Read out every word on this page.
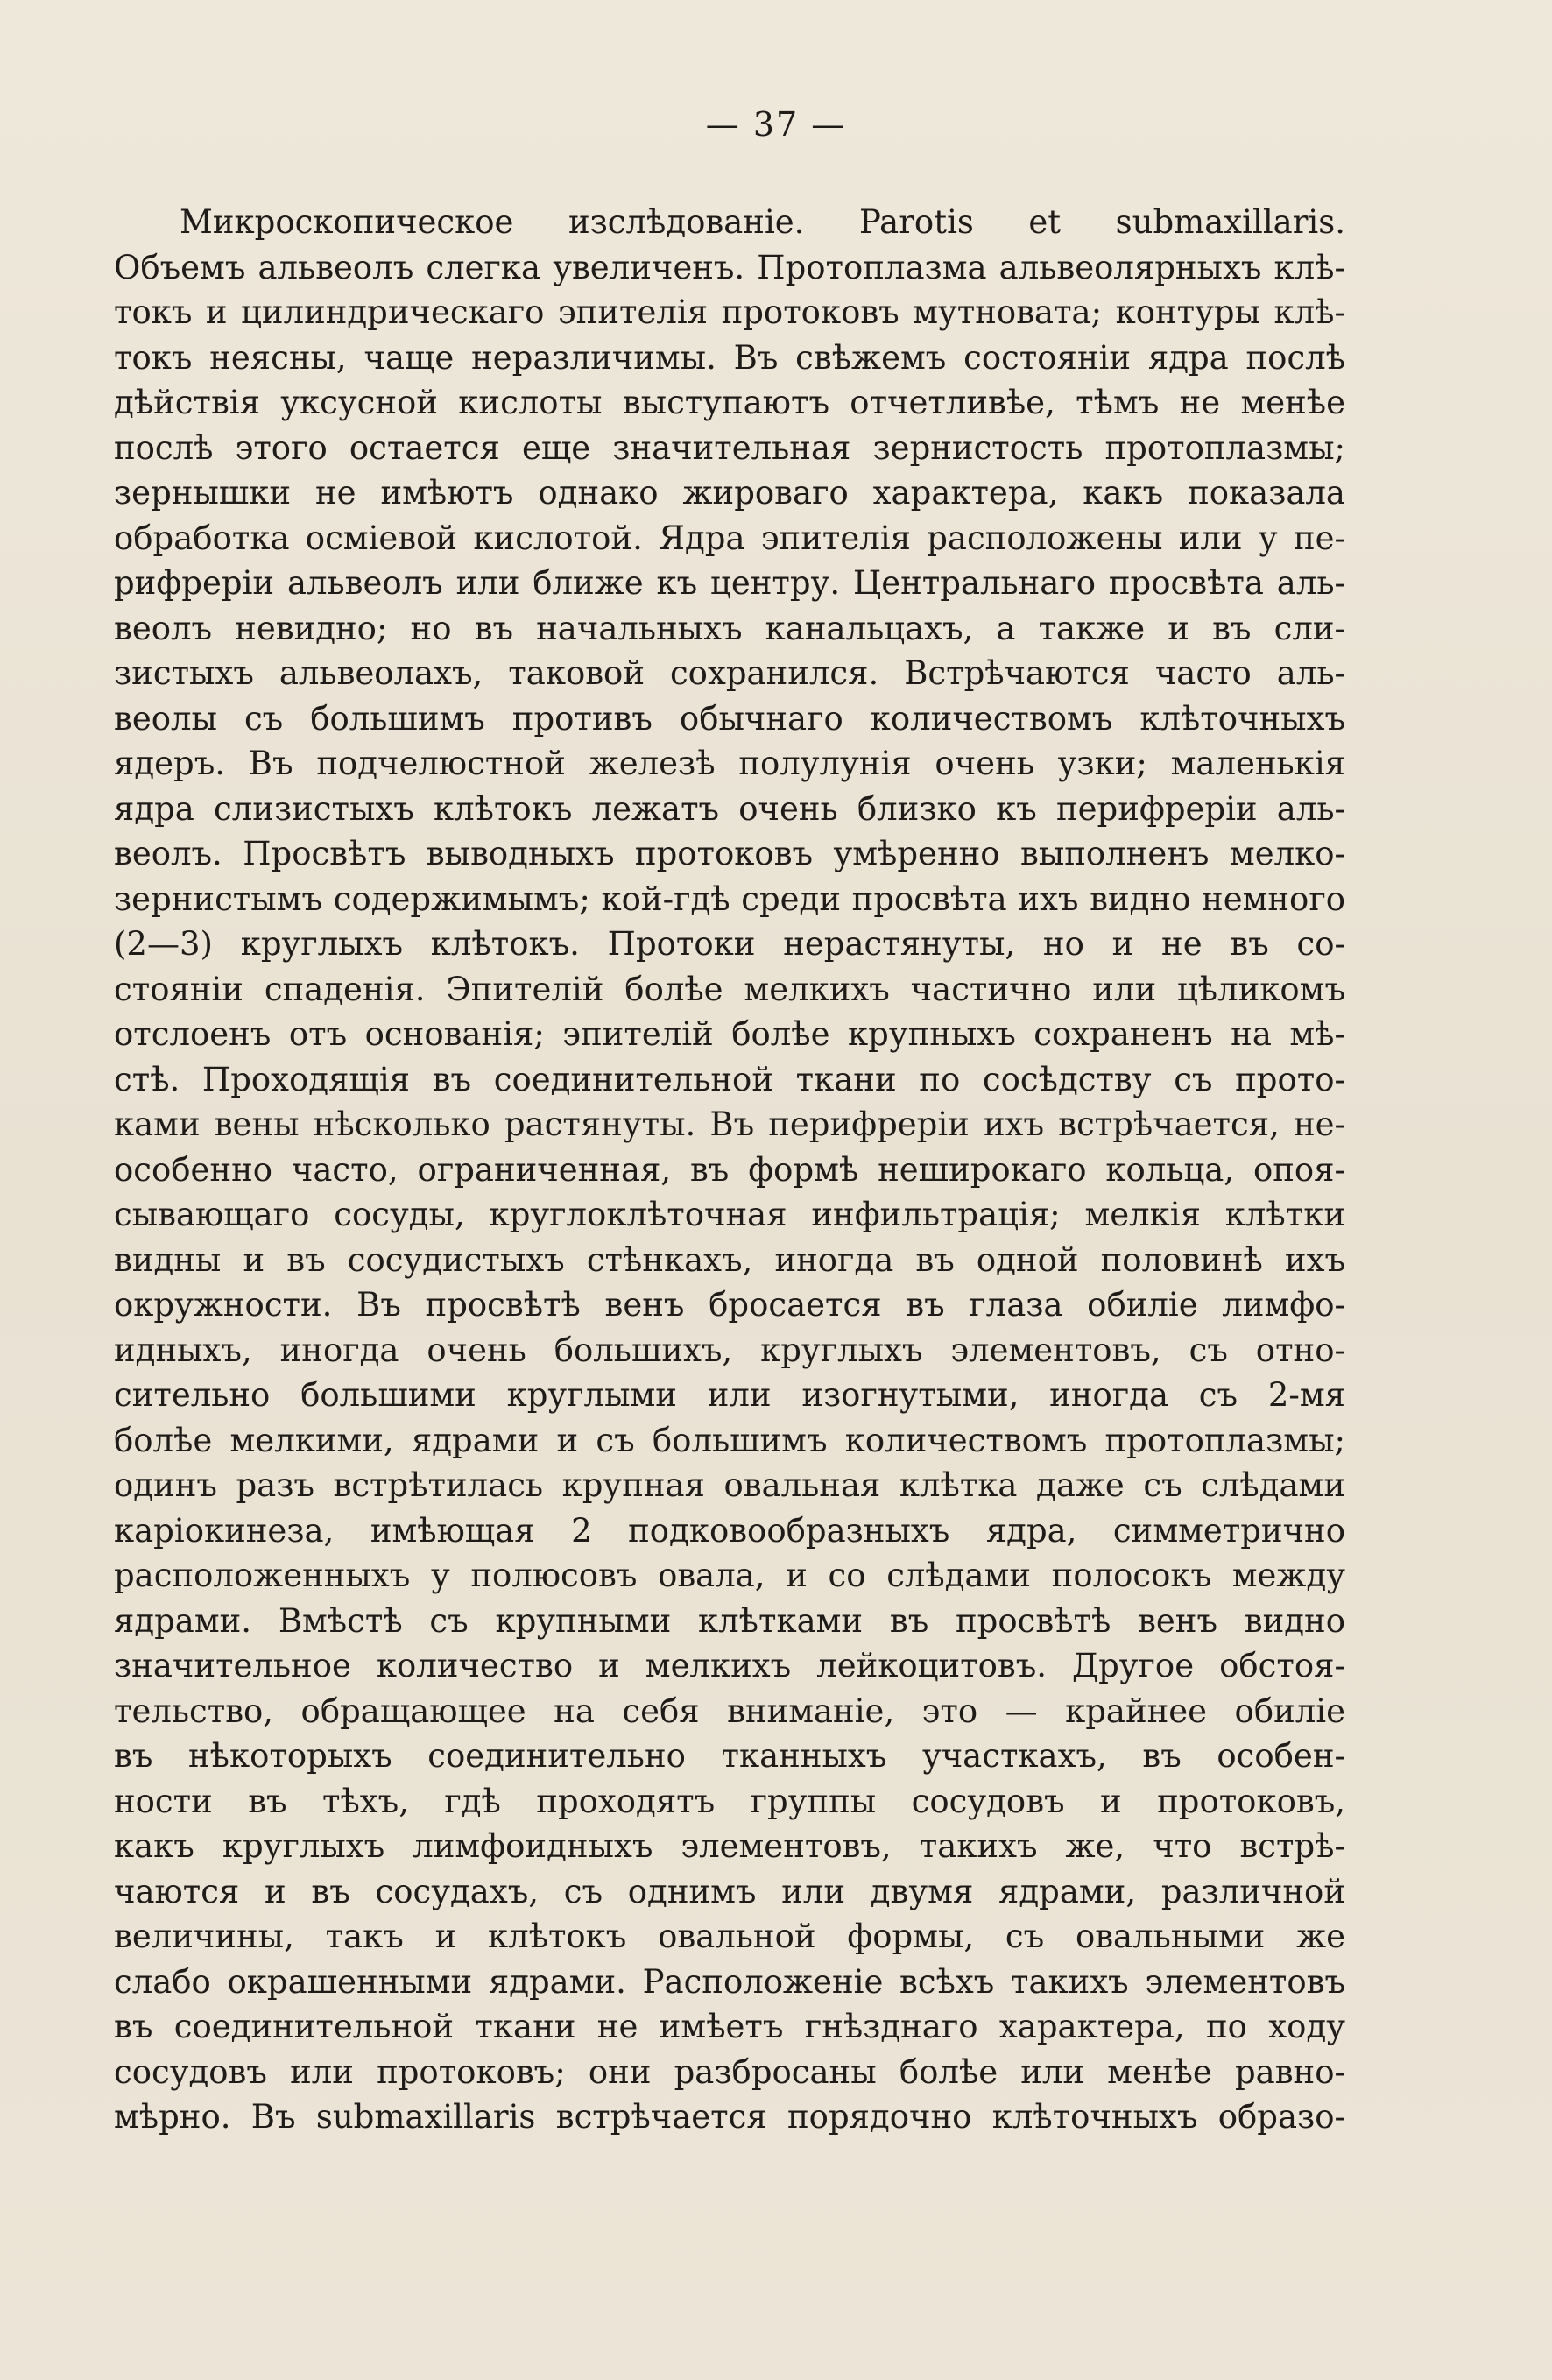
— 37 —
Микроскопическое изслѣдованіе. Parotis et submaxillaris.
Объемъ альвеолъ слегка увеличенъ. Протоплазма альвеолярныхъ клѣ-
токъ и цилиндрическаго эпителія протоковъ мутновата; контуры клѣ-
токъ неясны, чаще неразличимы. Въ свѣжемъ состояніи ядра послѣ
дѣйствія уксусной кислоты выступаютъ отчетливѣе, тѣмъ не менѣе
послѣ этого остается еще значительная зернистость протоплазмы;
зернышки не имѣютъ однако жироваго характера, какъ показала
обработка осміевой кислотой. Ядра эпителія расположены или у пе-
рифреріи альвеолъ или ближе къ центру. Центральнаго просвѣта аль-
веолъ невидно; но въ начальныхъ канальцахъ, а также и въ сли-
зистыхъ альвеолахъ, таковой сохранился. Встрѣчаются часто аль-
веолы съ большимъ противъ обычнаго количествомъ клѣточныхъ
ядеръ. Въ подчелюстной железѣ полулунія очень узки; маленькія
ядра слизистыхъ клѣтокъ лежатъ очень близко къ перифреріи аль-
веолъ. Просвѣтъ выводныхъ протоковъ умѣренно выполненъ мелко-
зернистымъ содержимымъ; кой-гдѣ среди просвѣта ихъ видно немного
(2—3) круглыхъ клѣтокъ. Протоки нерастянуты, но и не въ со-
стояніи спаденія. Эпителій болѣе мелкихъ частично или цѣликомъ
отслоенъ отъ основанія; эпителій болѣе крупныхъ сохраненъ на мѣ-
стѣ. Проходящія въ соединительной ткани по сосѣдству съ прото-
ками вены нѣсколько растянуты. Въ перифреріи ихъ встрѣчается, не-
особенно часто, ограниченная, въ формѣ неширокаго кольца, опоя-
сывающаго сосуды, круглоклѣточная инфильтрація; мелкія клѣтки
видны и въ сосудистыхъ стѣнкахъ, иногда въ одной половинѣ ихъ
окружности. Въ просвѣтѣ венъ бросается въ глаза обиліе лимфо-
идныхъ, иногда очень большихъ, круглыхъ элементовъ, съ отно-
сительно большими круглыми или изогнутыми, иногда съ 2-мя
болѣе мелкими, ядрами и съ большимъ количествомъ протоплазмы;
одинъ разъ встрѣтилась крупная овальная клѣтка даже съ слѣдами
каріокинеза, имѣющая 2 подковообразныхъ ядра, симметрично
расположенныхъ у полюсовъ овала, и со слѣдами полосокъ между
ядрами. Вмѣстѣ съ крупными клѣтками въ просвѣтѣ венъ видно
значительное количество и мелкихъ лейкоцитовъ. Другое обстоя-
тельство, обращающее на себя вниманіе, это — крайнее обиліе
въ нѣкоторыхъ соединительно тканныхъ участкахъ, въ особен-
ности въ тѣхъ, гдѣ проходятъ группы сосудовъ и протоковъ,
какъ круглыхъ лимфоидныхъ элементовъ, такихъ же, что встрѣ-
чаются и въ сосудахъ, съ однимъ или двумя ядрами, различной
величины, такъ и клѣтокъ овальной формы, съ овальными же
слабо окрашенными ядрами. Расположеніе всѣхъ такихъ элементовъ
въ соединительной ткани не имѣетъ гнѣзднаго характера, по ходу
сосудовъ или протоковъ; они разбросаны болѣе или менѣе равно-
мѣрно. Въ submaxillaris встрѣчается порядочно клѣточныхъ образо-
